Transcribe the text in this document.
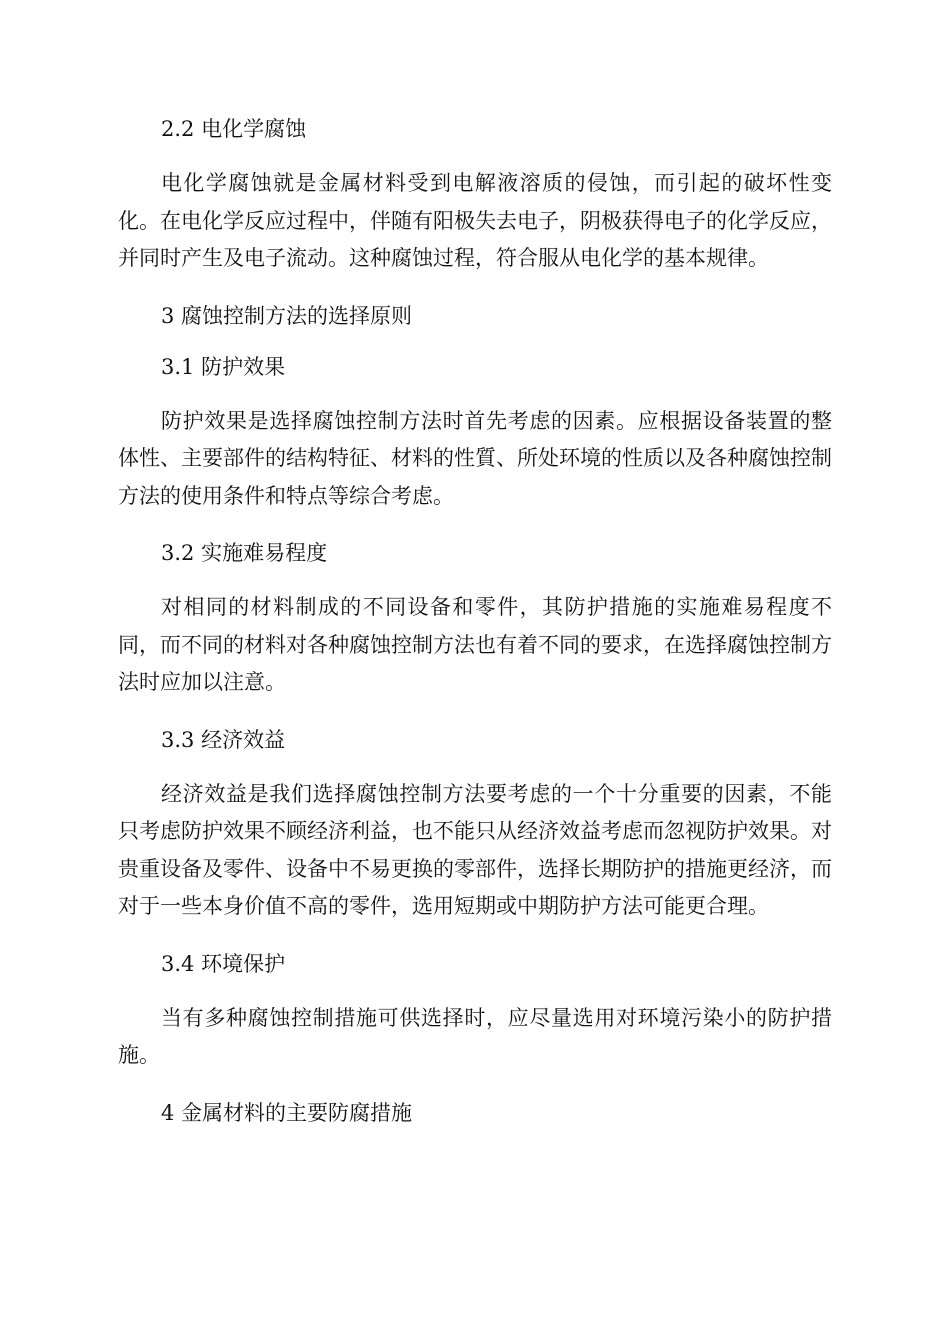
2.2 电化学腐蚀

电化学腐蚀就是金属材料受到电解液溶质的侵蚀，而引起的破坏性变化。在电化学反应过程中，伴随有阳极失去电子，阴极获得电子的化学反应，并同时产生及电子流动。这种腐蚀过程，符合服从电化学的基本规律。

3 腐蚀控制方法的选择原则
3.1 防护效果

防护效果是选择腐蚀控制方法时首先考虑的因素。应根据设备装置的整体性、主要部件的结构特征、材料的性質、所处环境的性质以及各种腐蚀控制方法的使用条件和特点等综合考虑。

3.2 实施难易程度

对相同的材料制成的不同设备和零件，其防护措施的实施难易程度不同，而不同的材料对各种腐蚀控制方法也有着不同的要求，在选择腐蚀控制方法时应加以注意。

3.3 经济效益

经济效益是我们选择腐蚀控制方法要考虑的一个十分重要的因素，不能只考虑防护效果不顾经济利益，也不能只从经济效益考虑而忽视防护效果。对贵重设备及零件、设备中不易更换的零部件，选择长期防护的措施更经济，而对于一些本身价值不高的零件，选用短期或中期防护方法可能更合理。

3.4 环境保护

当有多种腐蚀控制措施可供选择时，应尽量选用对环境污染小的防护措施。

4 金属材料的主要防腐措施
